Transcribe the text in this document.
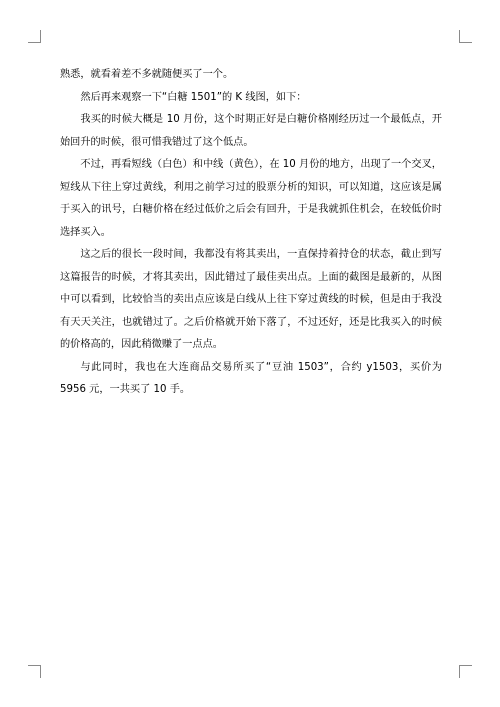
熟悉，就看着差不多就随便买了一个。

然后再来观察一下“白糖 1501”的 K 线图，如下：

我买的时候大概是 10 月份，这个时期正好是白糖价格刚经历过一个最低点，开始回升的时候，很可惜我错过了这个低点。

不过，再看短线（白色）和中线（黄色），在 10 月份的地方，出现了一个交叉，短线从下往上穿过黄线，利用之前学习过的股票分析的知识，可以知道，这应该是属于买入的讯号，白糖价格在经过低价之后会有回升，于是我就抓住机会，在较低价时选择买入。

这之后的很长一段时间，我都没有将其卖出，一直保持着持仓的状态，截止到写这篇报告的时候，才将其卖出，因此错过了最佳卖出点。上面的截图是最新的，从图中可以看到，比较恰当的卖出点应该是白线从上往下穿过黄线的时候，但是由于我没有天天关注，也就错过了。之后价格就开始下落了，不过还好，还是比我买入的时候的价格高的，因此稍微赚了一点点。

与此同时，我也在大连商品交易所买了“豆油 1503”，合约 y1503，买价为 5956 元，一共买了 10 手。
